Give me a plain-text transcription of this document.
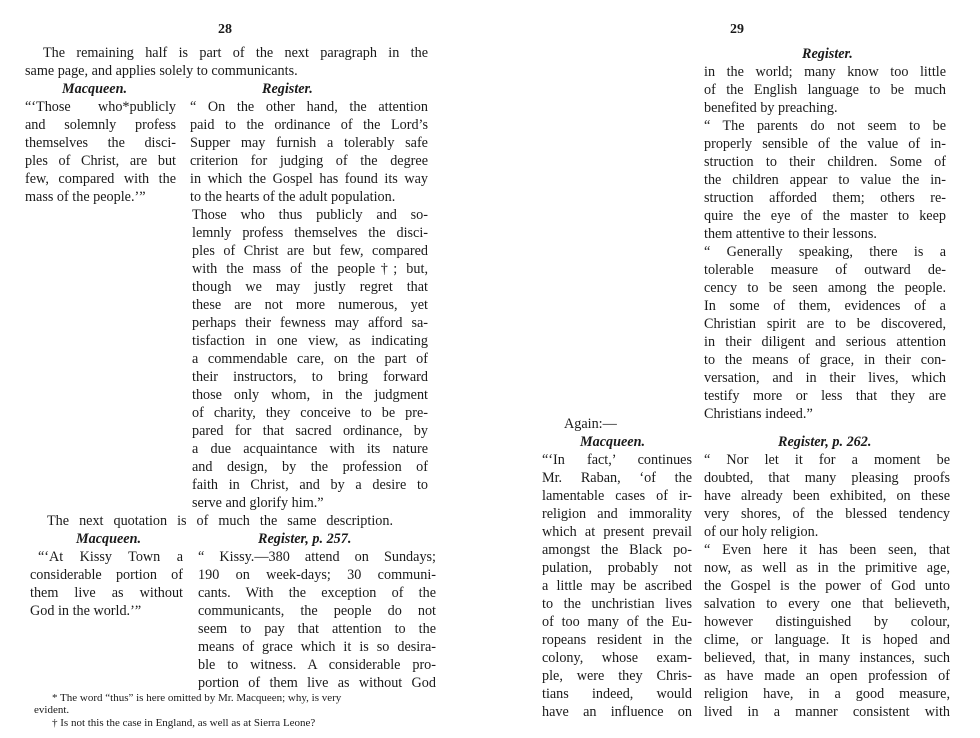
28
The remaining half is part of the next paragraph in the
same page, and applies solely to communicants.
Macqueen.	Register.
“‘Those who*publicly
and solemnly profess
themselves the disci-
ples of Christ, are but
few, compared with the
mass of the people.’”
“ On the other hand, the attention
paid to the ordinance of the Lord’s
Supper may furnish a tolerably safe
criterion for judging of the degree
in which the Gospel has found its way
to the hearts of the adult population.
Those who thus publicly and so-
lemnly profess themselves the disci-
ples of Christ are but few, compared
with the mass of the people†; but,
though we may justly regret that
these are not more numerous, yet
perhaps their fewness may afford sa-
tisfaction in one view, as indicating
a commendable care, on the part of
their instructors, to bring forward
those only whom, in the judgment
of charity, they conceive to be pre-
pared for that sacred ordinance, by
a due acquaintance with its nature
and design, by the profession of
faith in Christ, and by a desire to
serve and glorify him.”
The next quotation is of much the same description.
Macqueen.	Register, p. 257.
“‘At Kissy Town a
considerable portion of
them live as without
God in the world.’”
“ Kissy.—380 attend on Sundays;
190 on week-days; 30 communi-
cants. With the exception of the
communicants, the people do not
seem to pay that attention to the
means of grace which it is so desira-
ble to witness. A considerable pro-
portion of them live as without God
* The word “thus” is here omitted by Mr. Macqueen; why, is very
evident.
† Is not this the case in England, as well as at Sierra Leone?
29
Register.
in the world; many know too little
of the English language to be much
benefited by preaching.
“ The parents do not seem to be
properly sensible of the value of in-
struction to their children. Some of
the children appear to value the in-
struction afforded them; others re-
quire the eye of the master to keep
them attentive to their lessons.
“ Generally speaking, there is a
tolerable measure of outward de-
cency to be seen among the people.
In some of them, evidences of a
Christian spirit are to be discovered,
in their diligent and serious attention
to the means of grace, in their con-
versation, and in their lives, which
testify more or less that they are
Christians indeed.”
Again:—
Macqueen.	Register, p. 262.
“‘In fact,’ continues
Mr. Raban, ‘of the
lamentable cases of ir-
religion and immorality
which at present prevail
amongst the Black po-
pulation, probably not
a little may be ascribed
to the unchristian lives
of too many of the Eu-
ropeans resident in the
colony, whose exam-
ple, were they Chris-
tians indeed, would
have an influence on
“ Nor let it for a moment be
doubted, that many pleasing proofs
have already been exhibited, on these
very shores, of the blessed tendency
of our holy religion.
“ Even here it has been seen, that
now, as well as in the primitive age,
the Gospel is the power of God unto
salvation to every one that believeth,
however distinguished by colour,
clime, or language. It is hoped and
believed, that, in many instances, such
as have made an open profession of
religion have, in a good measure,
lived in a manner consistent with
